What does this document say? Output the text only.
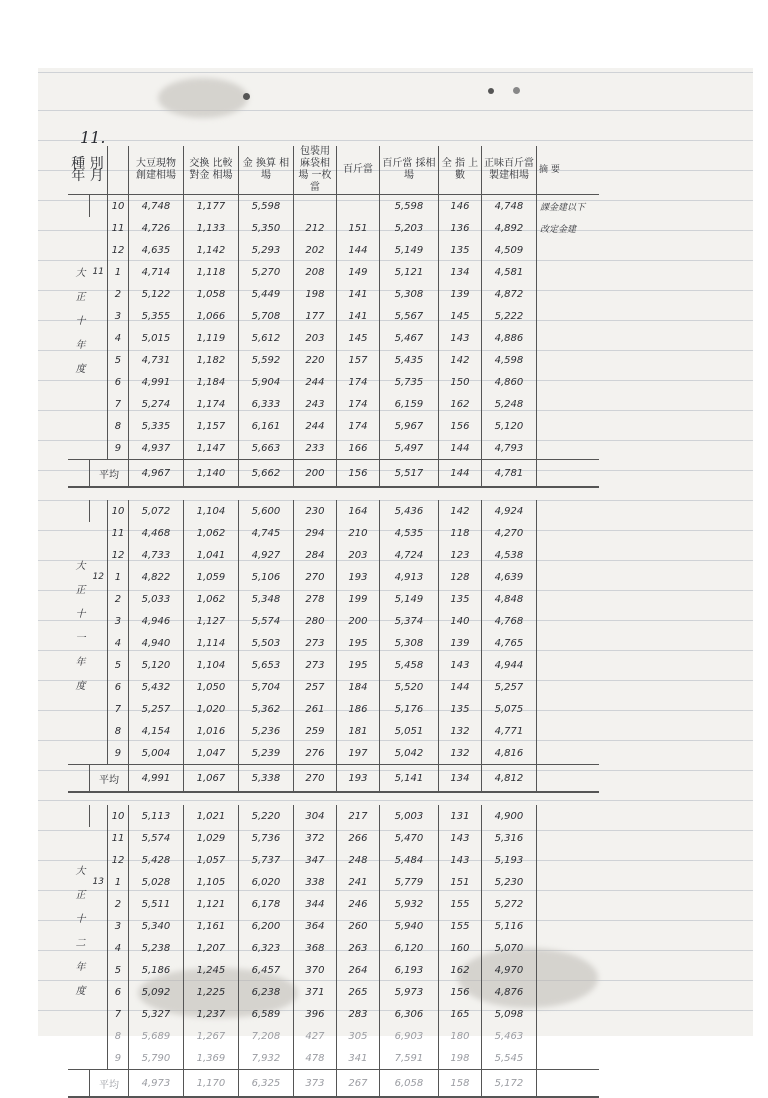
11.
種 別
年 月			大豆現物 創建相場	交換 比較 對金 相場	金 換算 相場	包裝用麻袋相場 一枚當	百斤當	百斤當 採相場	全 指 上 數	正味百斤當 製建相場	摘 要
大正十年度		10	4,748	1,177	5,598			5,598	146	4,748	課金建以下
		11	4,726	1,133	5,350	212	151	5,203	136	4,892	改定金建
		12	4,635	1,142	5,293	202	144	5,149	135	4,509	
	11	1	4,714	1,118	5,270	208	149	5,121	134	4,581	
		2	5,122	1,058	5,449	198	141	5,308	139	4,872	
		3	5,355	1,066	5,708	177	141	5,567	145	5,222	
		4	5,015	1,119	5,612	203	145	5,467	143	4,886	
		5	4,731	1,182	5,592	220	157	5,435	142	4,598	
		6	4,991	1,184	5,904	244	174	5,735	150	4,860	
		7	5,274	1,174	6,333	243	174	6,159	162	5,248	
		8	5,335	1,157	6,161	244	174	5,967	156	5,120	
		9	4,937	1,147	5,663	233	166	5,497	144	4,793	
	平均		4,967	1,140	5,662	200	156	5,517	144	4,781	

大正十一年度		10	5,072	1,104	5,600	230	164	5,436	142	4,924	
		11	4,468	1,062	4,745	294	210	4,535	118	4,270	
		12	4,733	1,041	4,927	284	203	4,724	123	4,538	
	12	1	4,822	1,059	5,106	270	193	4,913	128	4,639	
		2	5,033	1,062	5,348	278	199	5,149	135	4,848	
		3	4,946	1,127	5,574	280	200	5,374	140	4,768	
		4	4,940	1,114	5,503	273	195	5,308	139	4,765	
		5	5,120	1,104	5,653	273	195	5,458	143	4,944	
		6	5,432	1,050	5,704	257	184	5,520	144	5,257	
		7	5,257	1,020	5,362	261	186	5,176	135	5,075	
		8	4,154	1,016	5,236	259	181	5,051	132	4,771	
		9	5,004	1,047	5,239	276	197	5,042	132	4,816	
	平均		4,991	1,067	5,338	270	193	5,141	134	4,812	

大正十二年度		10	5,113	1,021	5,220	304	217	5,003	131	4,900	
		11	5,574	1,029	5,736	372	266	5,470	143	5,316	
		12	5,428	1,057	5,737	347	248	5,484	143	5,193	
	13	1	5,028	1,105	6,020	338	241	5,779	151	5,230	
		2	5,511	1,121	6,178	344	246	5,932	155	5,272	
		3	5,340	1,161	6,200	364	260	5,940	155	5,116	
		4	5,238	1,207	6,323	368	263	6,120	160	5,070	
		5	5,186	1,245	6,457	370	264	6,193	162	4,970	
		6	5,092	1,225	6,238	371	265	5,973	156	4,876	
		7	5,327	1,237	6,589	396	283	6,306	165	5,098	
		8	5,689	1,267	7,208	427	305	6,903	180	5,463	
		9	5,790	1,369	7,932	478	341	7,591	198	5,545	
	平均		4,973	1,170	6,325	373	267	6,058	158	5,172	
